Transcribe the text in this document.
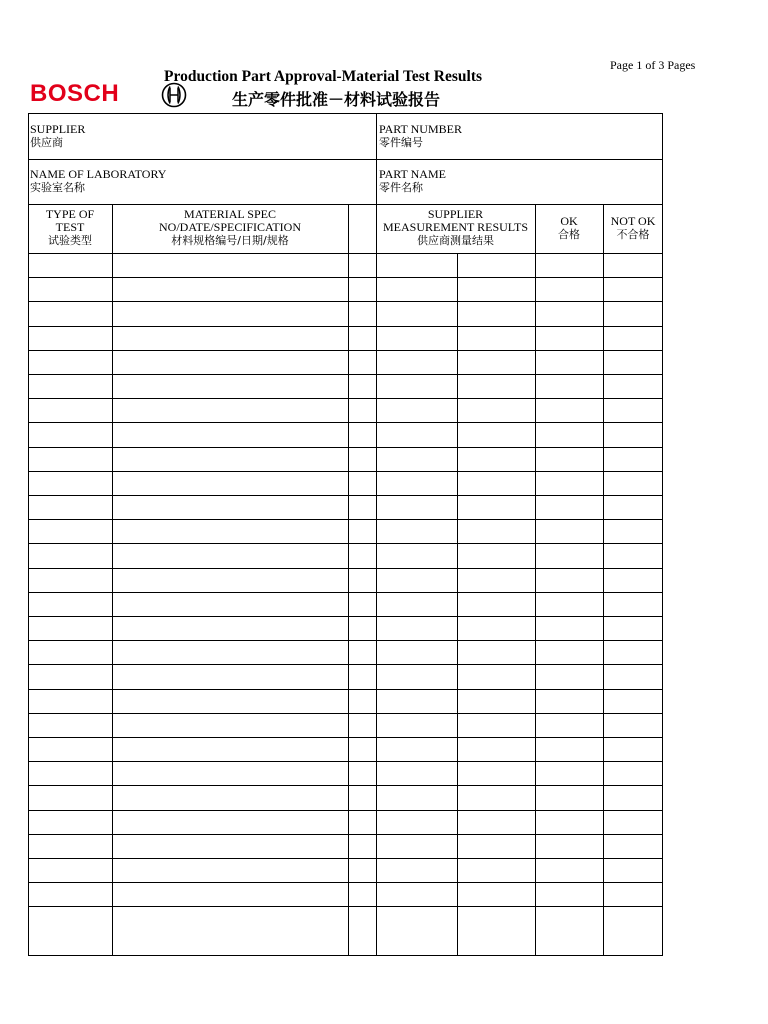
Page 1 of 3 Pages
BOSCH
Production Part Approval-Material Test Results
生产零件批准－材料试验报告
SUPPLIER
供应商
PART NUMBER
零件编号
NAME OF LABORATORY
实验室名称
PART NAME
零件名称
TYPE OF
TEST
试验类型
MATERIAL SPEC
NO/DATE/SPECIFICATION
材料规格编号/日期/规格
SUPPLIER
MEASUREMENT RESULTS
供应商测量结果
OK
合格
NOT OK
不合格
